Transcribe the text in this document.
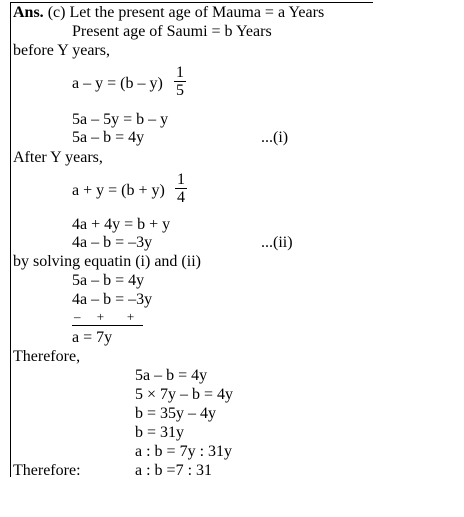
Ans. (c) Let the present age of Mauma = a Years
Present age of Saumi = b Years
before Y years,
a – y = (b – y)
1
5
5a – 5y = b – y
5a – b = 4y	...(i)
After Y years,
a + y = (b + y)
1
4
4a + 4y = b + y
4a – b = –3y	...(ii)
by solving equatin (i) and (ii)
5a – b = 4y
4a – b = –3y
–     +       +
a = 7y
Therefore,
5a – b = 4y
5 × 7y – b = 4y
b = 35y – 4y
b = 31y
a : b = 7y : 31y
Therefore:	a : b =7 : 31
